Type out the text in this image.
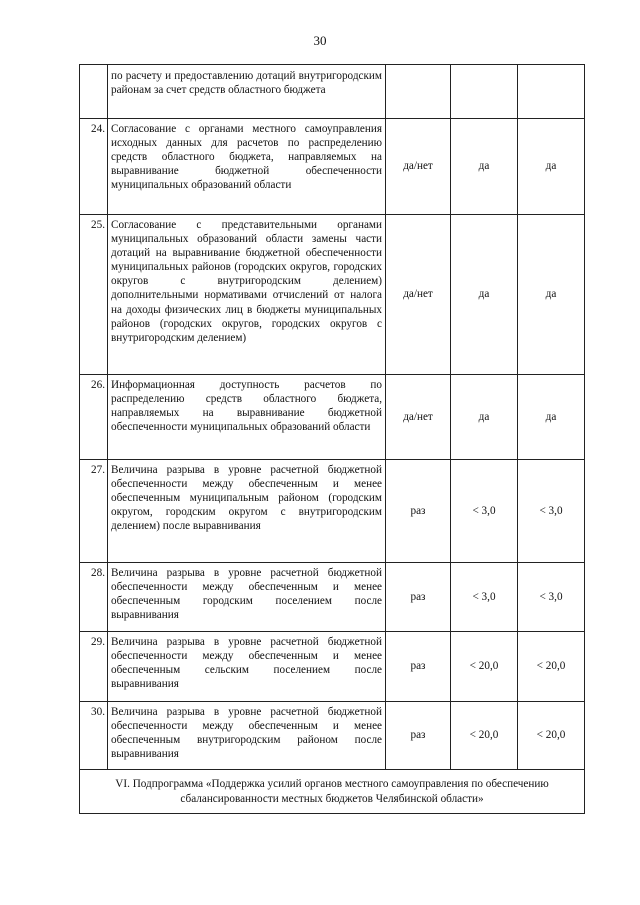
30
	по расчету и предоставлению дотаций внутригородским районам за счет средств областного бюджета			
24.	Согласование с органами местного самоуправления исходных данных для расчетов по распределению средств областного бюджета, направляемых на выравнивание бюджетной обеспеченности муниципальных образований области	да/нет	да	да
25.	Согласование с представительными органами муниципальных образований области замены части дотаций на выравнивание бюджетной обеспеченности муниципальных районов (городских округов, городских округов с внутригородским делением) дополнительными нормативами отчислений от налога на доходы физических лиц в бюджеты муниципальных районов (городских округов, городских округов с внутригородским делением)	да/нет	да	да
26.	Информационная доступность расчетов по распределению средств областного бюджета, направляемых на выравнивание бюджетной обеспеченности муниципальных образований области	да/нет	да	да
27.	Величина разрыва в уровне расчетной бюджетной обеспеченности между обеспеченным и менее обеспеченным муниципальным районом (городским округом, городским округом с внутригородским делением) после выравнивания	раз	< 3,0	< 3,0
28.	Величина разрыва в уровне расчетной бюджетной обеспеченности между обеспеченным и менее обеспеченным городским поселением после выравнивания	раз	< 3,0	< 3,0
29.	Величина разрыва в уровне расчетной бюджетной обеспеченности между обеспеченным и менее обеспеченным сельским поселением после выравнивания	раз	< 20,0	< 20,0
30.	Величина разрыва в уровне расчетной бюджетной обеспеченности между обеспеченным и менее обеспеченным внутригородским районом после выравнивания	раз	< 20,0	< 20,0
VI. Подпрограмма «Поддержка усилий органов местного самоуправления по обеспечению сбалансированности местных бюджетов Челябинской области»				
